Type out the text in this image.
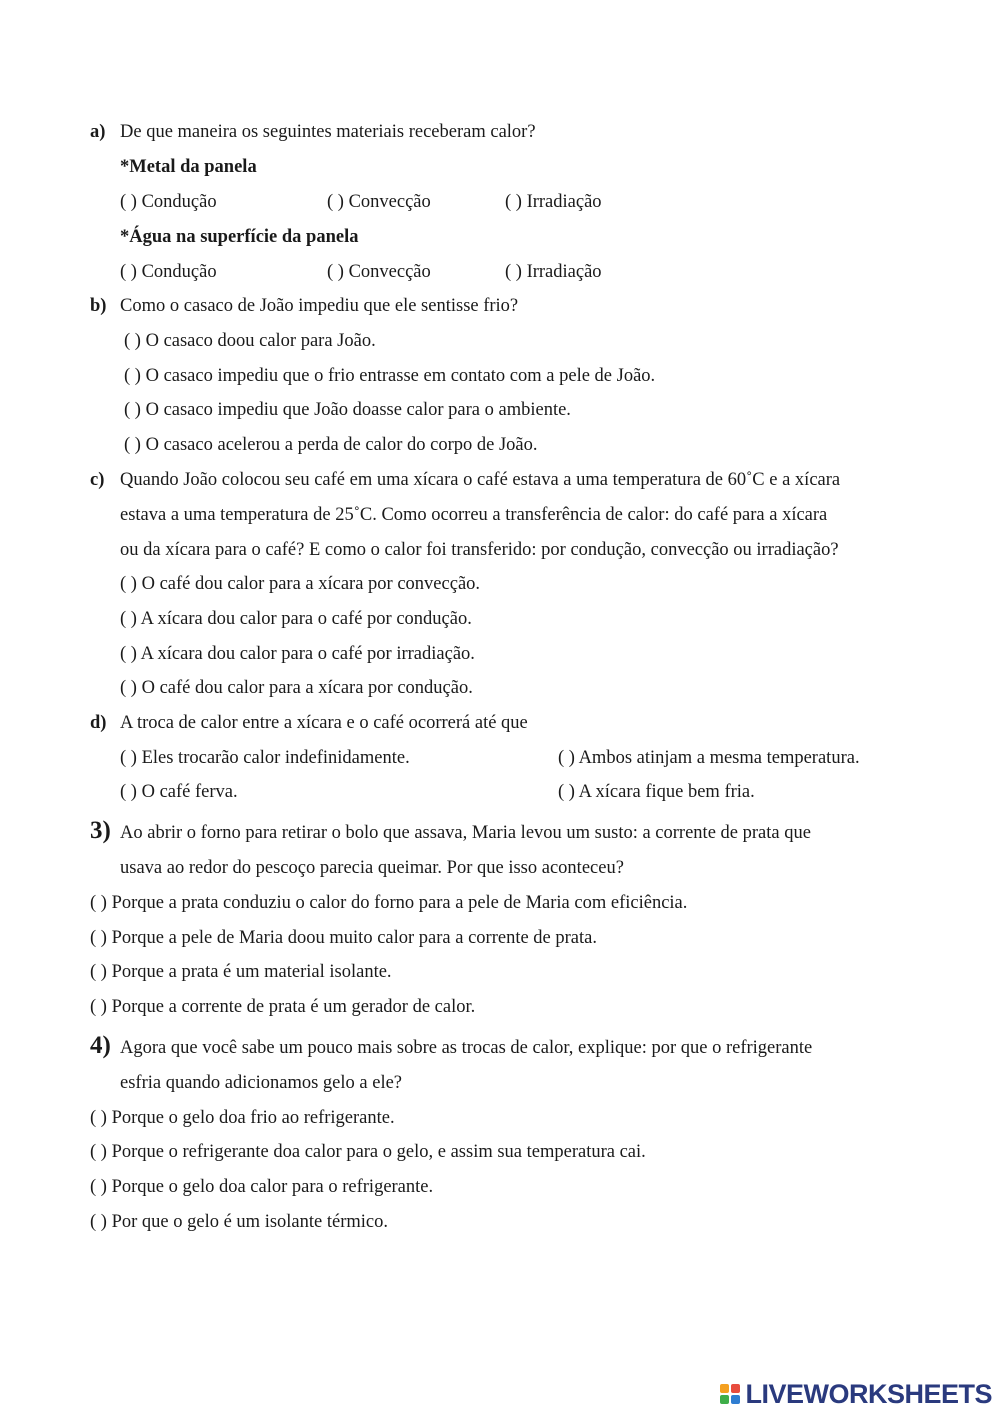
a) De que maneira os seguintes materiais receberam calor?
*Metal da panela
( ) Condução	( ) Convecção	( ) Irradiação
*Água na superfície da panela
( ) Condução	( ) Convecção	( ) Irradiação
b) Como o casaco de João impediu que ele sentisse frio?
( ) O casaco doou calor para João.
( ) O casaco impediu que o frio entrasse em contato com a pele de João.
( ) O casaco impediu que João doasse calor para o ambiente.
( ) O casaco acelerou a perda de calor do corpo de João.
c) Quando João colocou seu café em uma xícara o café estava a uma temperatura de 60˚C e a xícara
estava a uma temperatura de 25˚C. Como ocorreu a transferência de calor: do café para a xícara
ou da xícara para o café? E como o calor foi transferido: por condução, convecção ou irradiação?
( ) O café dou calor para a xícara por convecção.
( ) A xícara dou calor para o café por condução.
( ) A xícara dou calor para o café por irradiação.
( ) O café dou calor para a xícara por condução.
d) A troca de calor entre a xícara e o café ocorrerá até que
( ) Eles trocarão calor indefinidamente.	( ) Ambos atinjam a mesma temperatura.
( ) O café ferva.	( ) A xícara fique bem fria.
3) Ao abrir o forno para retirar o bolo que assava, Maria levou um susto: a corrente de prata que
usava ao redor do pescoço parecia queimar. Por que isso aconteceu?
( ) Porque a prata conduziu o calor do forno para a pele de Maria com eficiência.
( ) Porque a pele de Maria doou muito calor para a corrente de prata.
( ) Porque a prata é um material isolante.
( ) Porque a corrente de prata é um gerador de calor.
4) Agora que você sabe um pouco mais sobre as trocas de calor, explique: por que o refrigerante
esfria quando adicionamos gelo a ele?
( ) Porque o gelo doa frio ao refrigerante.
( ) Porque o refrigerante doa calor para o gelo, e assim sua temperatura cai.
( ) Porque o gelo doa calor para o refrigerante.
( ) Por que o gelo é um isolante térmico.
LIVEWORKSHEETS
